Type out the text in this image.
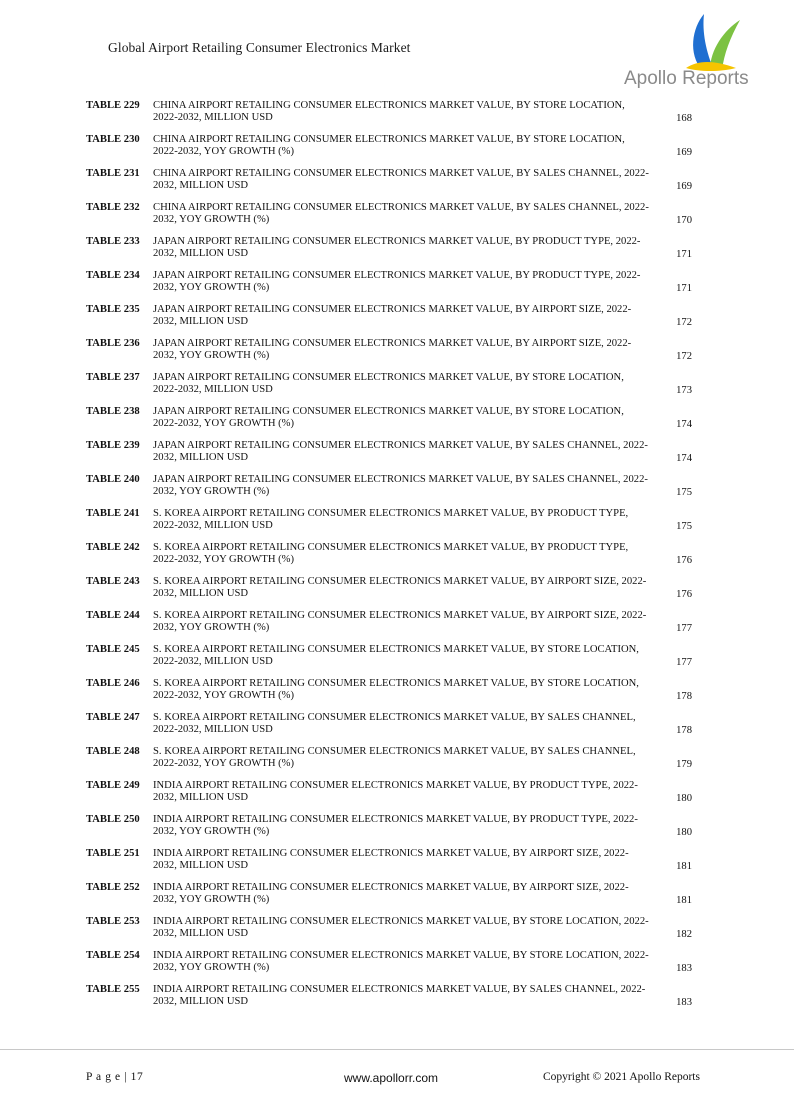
Global Airport Retailing Consumer Electronics Market
Apollo Reports
TABLE 229 CHINA AIRPORT RETAILING CONSUMER ELECTRONICS MARKET VALUE, BY STORE LOCATION,
2022-2032, MILLION USD	168
TABLE 230 CHINA AIRPORT RETAILING CONSUMER ELECTRONICS MARKET VALUE, BY STORE LOCATION,
2022-2032, YOY GROWTH (%)	169
TABLE 231 CHINA AIRPORT RETAILING CONSUMER ELECTRONICS MARKET VALUE, BY SALES CHANNEL, 2022-
2032, MILLION USD	169
TABLE 232 CHINA AIRPORT RETAILING CONSUMER ELECTRONICS MARKET VALUE, BY SALES CHANNEL, 2022-
2032, YOY GROWTH (%)	170
TABLE 233 JAPAN AIRPORT RETAILING CONSUMER ELECTRONICS MARKET VALUE, BY PRODUCT TYPE, 2022-
2032, MILLION USD	171
TABLE 234 JAPAN AIRPORT RETAILING CONSUMER ELECTRONICS MARKET VALUE, BY PRODUCT TYPE, 2022-
2032, YOY GROWTH (%)	171
TABLE 235 JAPAN AIRPORT RETAILING CONSUMER ELECTRONICS MARKET VALUE, BY AIRPORT SIZE, 2022-
2032, MILLION USD	172
TABLE 236 JAPAN AIRPORT RETAILING CONSUMER ELECTRONICS MARKET VALUE, BY AIRPORT SIZE, 2022-
2032, YOY GROWTH (%)	172
TABLE 237 JAPAN AIRPORT RETAILING CONSUMER ELECTRONICS MARKET VALUE, BY STORE LOCATION,
2022-2032, MILLION USD	173
TABLE 238 JAPAN AIRPORT RETAILING CONSUMER ELECTRONICS MARKET VALUE, BY STORE LOCATION,
2022-2032, YOY GROWTH (%)	174
TABLE 239 JAPAN AIRPORT RETAILING CONSUMER ELECTRONICS MARKET VALUE, BY SALES CHANNEL, 2022-
2032, MILLION USD	174
TABLE 240 JAPAN AIRPORT RETAILING CONSUMER ELECTRONICS MARKET VALUE, BY SALES CHANNEL, 2022-
2032, YOY GROWTH (%)	175
TABLE 241 S. KOREA AIRPORT RETAILING CONSUMER ELECTRONICS MARKET VALUE, BY PRODUCT TYPE,
2022-2032, MILLION USD	175
TABLE 242 S. KOREA AIRPORT RETAILING CONSUMER ELECTRONICS MARKET VALUE, BY PRODUCT TYPE,
2022-2032, YOY GROWTH (%)	176
TABLE 243 S. KOREA AIRPORT RETAILING CONSUMER ELECTRONICS MARKET VALUE, BY AIRPORT SIZE, 2022-
2032, MILLION USD	176
TABLE 244 S. KOREA AIRPORT RETAILING CONSUMER ELECTRONICS MARKET VALUE, BY AIRPORT SIZE, 2022-
2032, YOY GROWTH (%)	177
TABLE 245 S. KOREA AIRPORT RETAILING CONSUMER ELECTRONICS MARKET VALUE, BY STORE LOCATION,
2022-2032, MILLION USD	177
TABLE 246 S. KOREA AIRPORT RETAILING CONSUMER ELECTRONICS MARKET VALUE, BY STORE LOCATION,
2022-2032, YOY GROWTH (%)	178
TABLE 247 S. KOREA AIRPORT RETAILING CONSUMER ELECTRONICS MARKET VALUE, BY SALES CHANNEL,
2022-2032, MILLION USD	178
TABLE 248 S. KOREA AIRPORT RETAILING CONSUMER ELECTRONICS MARKET VALUE, BY SALES CHANNEL,
2022-2032, YOY GROWTH (%)	179
TABLE 249 INDIA AIRPORT RETAILING CONSUMER ELECTRONICS MARKET VALUE, BY PRODUCT TYPE, 2022-
2032, MILLION USD	180
TABLE 250 INDIA AIRPORT RETAILING CONSUMER ELECTRONICS MARKET VALUE, BY PRODUCT TYPE, 2022-
2032, YOY GROWTH (%)	180
TABLE 251 INDIA AIRPORT RETAILING CONSUMER ELECTRONICS MARKET VALUE, BY AIRPORT SIZE, 2022-
2032, MILLION USD	181
TABLE 252 INDIA AIRPORT RETAILING CONSUMER ELECTRONICS MARKET VALUE, BY AIRPORT SIZE, 2022-
2032, YOY GROWTH (%)	181
TABLE 253 INDIA AIRPORT RETAILING CONSUMER ELECTRONICS MARKET VALUE, BY STORE LOCATION, 2022-
2032, MILLION USD	182
TABLE 254 INDIA AIRPORT RETAILING CONSUMER ELECTRONICS MARKET VALUE, BY STORE LOCATION, 2022-
2032, YOY GROWTH (%)	183
TABLE 255 INDIA AIRPORT RETAILING CONSUMER ELECTRONICS MARKET VALUE, BY SALES CHANNEL, 2022-
2032, MILLION USD	183
P a g e | 17	www.apollorr.com	Copyright © 2021 Apollo Reports
